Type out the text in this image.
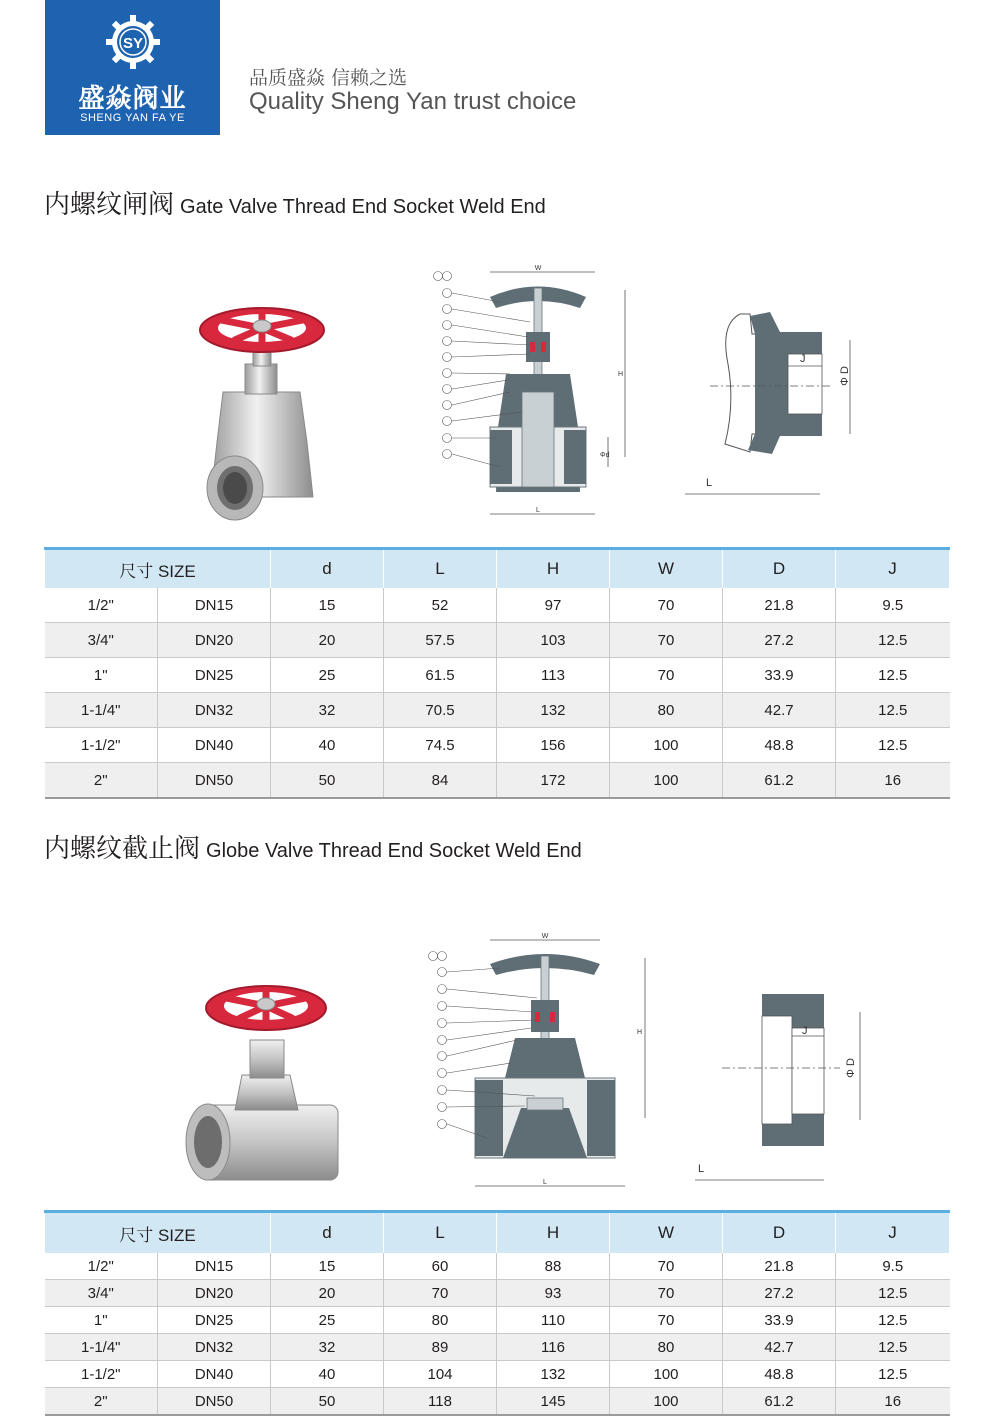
SY
盛焱阀业
SHENG YAN FA YE
品质盛焱 信赖之选
Quality Sheng Yan trust choice
内螺纹闸阀 Gate Valve Thread End Socket Weld End
W
H
L
Φd
J
Φ D
L
尺寸 SIZE		d	L	H	W	D	J
1/2"	DN15	15	52	97	70	21.8	9.5
3/4"	DN20	20	57.5	103	70	27.2	12.5
1"	DN25	25	61.5	113	70	33.9	12.5
1-1/4"	DN32	32	70.5	132	80	42.7	12.5
1-1/2"	DN40	40	74.5	156	100	48.8	12.5
2"	DN50	50	84	172	100	61.2	16
内螺纹截止阀 Globe Valve Thread End Socket Weld End
W
H
L
J
Φ D
L
尺寸 SIZE		d	L	H	W	D	J
1/2"	DN15	15	60	88	70	21.8	9.5
3/4"	DN20	20	70	93	70	27.2	12.5
1"	DN25	25	80	110	70	33.9	12.5
1-1/4"	DN32	32	89	116	80	42.7	12.5
1-1/2"	DN40	40	104	132	100	48.8	12.5
2"	DN50	50	118	145	100	61.2	16
